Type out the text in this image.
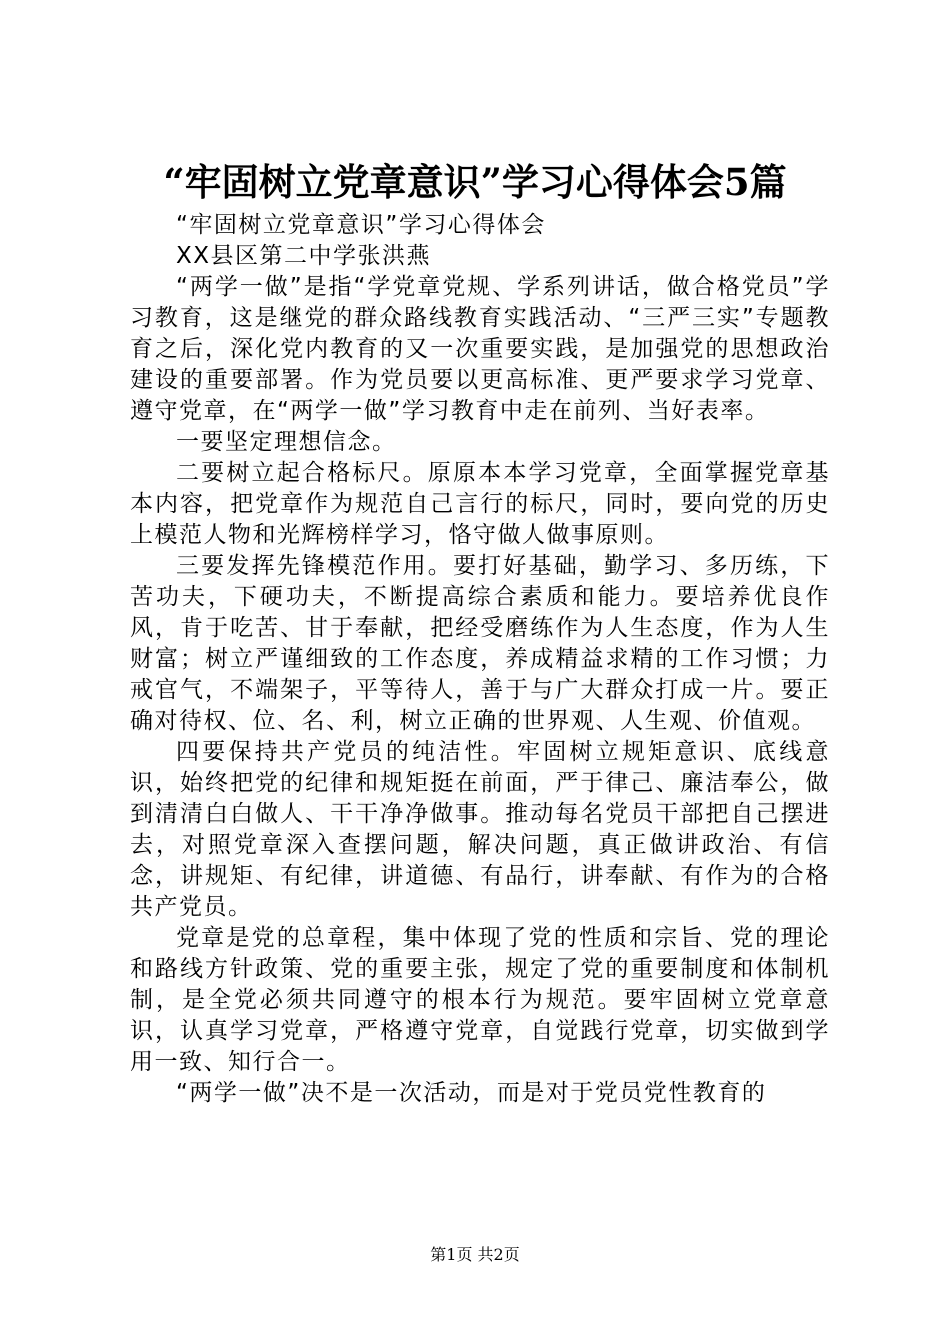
“牢固树立党章意识”学习心得体会5篇

“牢固树立党章意识”学习心得体会

XX县区第二中学张洪燕

“两学一做”是指“学党章党规、学系列讲话，做合格党员”学习教育，这是继党的群众路线教育实践活动、“三严三实”专题教育之后，深化党内教育的又一次重要实践，是加强党的思想政治建设的重要部署。作为党员要以更高标准、更严要求学习党章、遵守党章，在“两学一做”学习教育中走在前列、当好表率。

一要坚定理想信念。

二要树立起合格标尺。原原本本学习党章，全面掌握党章基本内容，把党章作为规范自己言行的标尺，同时，要向党的历史上模范人物和光辉榜样学习，恪守做人做事原则。

三要发挥先锋模范作用。要打好基础，勤学习、多历练，下苦功夫，下硬功夫，不断提高综合素质和能力。要培养优良作风，肯于吃苦、甘于奉献，把经受磨练作为人生态度，作为人生财富；树立严谨细致的工作态度，养成精益求精的工作习惯；力戒官气，不端架子，平等待人，善于与广大群众打成一片。要正确对待权、位、名、利，树立正确的世界观、人生观、价值观。

四要保持共产党员的纯洁性。牢固树立规矩意识、底线意识，始终把党的纪律和规矩挺在前面，严于律己、廉洁奉公，做到清清白白做人、干干净净做事。推动每名党员干部把自己摆进去，对照党章深入查摆问题，解决问题，真正做讲政治、有信念，讲规矩、有纪律，讲道德、有品行，讲奉献、有作为的合格共产党员。

党章是党的总章程，集中体现了党的性质和宗旨、党的理论和路线方针政策、党的重要主张，规定了党的重要制度和体制机制，是全党必须共同遵守的根本行为规范。要牢固树立党章意识，认真学习党章，严格遵守党章，自觉践行党章，切实做到学用一致、知行合一。

“两学一做”决不是一次活动，而是对于党员党性教育的

第1页 共2页
